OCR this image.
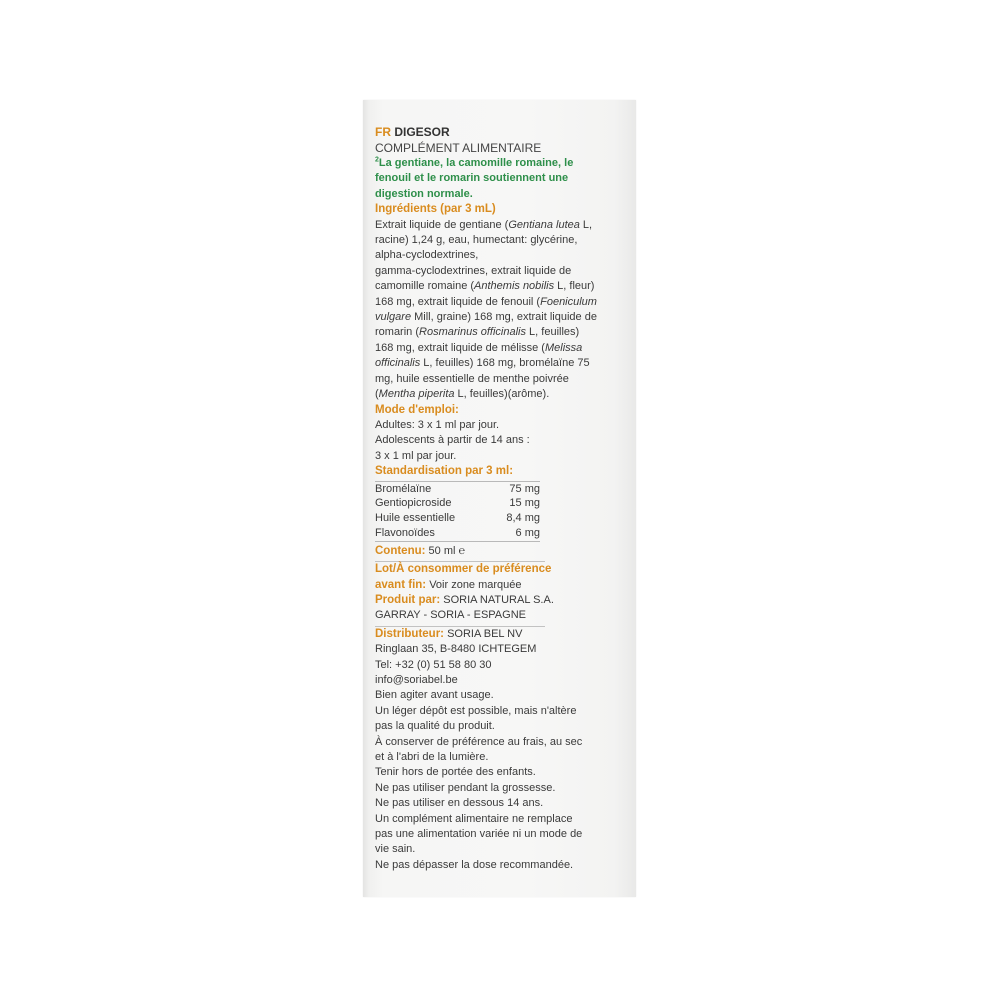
FR DIGESOR
COMPLÉMENT ALIMENTAIRE
$^2$La gentiane, la camomille romaine, le
fenouil et le romarin soutiennent une
digestion normale.
Ingrédients (par 3 mL)
Extrait liquide de gentiane (Gentiana lutea L,
racine) 1,24 g, eau, humectant: glycérine,
alpha-cyclodextrines,
gamma-cyclodextrines, extrait liquide de
camomille romaine (Anthemis nobilis L, fleur)
168 mg, extrait liquide de fenouil (Foeniculum
vulgare Mill, graine) 168 mg, extrait liquide de
romarin (Rosmarinus officinalis L, feuilles)
168 mg, extrait liquide de mélisse (Melissa
officinalis L, feuilles) 168 mg, bromélaïne 75
mg, huile essentielle de menthe poivrée
(Mentha piperita L, feuilles)(arôme).
Mode d'emploi:
Adultes: 3 x 1 ml par jour.
Adolescents à partir de 14 ans :
3 x 1 ml par jour.
Standardisation par 3 ml:
Bromélaïne	75 mg
Gentiopicroside	15 mg
Huile essentielle	8,4 mg
Flavonoïdes	6 mg
Contenu: 50 ml ℮
Lot/À consommer de préférence
avant fin: Voir zone marquée
Produit par: SORIA NATURAL S.A.
GARRAY - SORIA - ESPAGNE
Distributeur: SORIA BEL NV
Ringlaan 35, B-8480 ICHTEGEM
Tel: +32 (0) 51 58 80 30
info@soriabel.be
Bien agiter avant usage.
Un léger dépôt est possible, mais n'altère
pas la qualité du produit.
À conserver de préférence au frais, au sec
et à l'abri de la lumière.
Tenir hors de portée des enfants.
Ne pas utiliser pendant la grossesse.
Ne pas utiliser en dessous 14 ans.
Un complément alimentaire ne remplace
pas une alimentation variée ni un mode de
vie sain.
Ne pas dépasser la dose recommandée.
